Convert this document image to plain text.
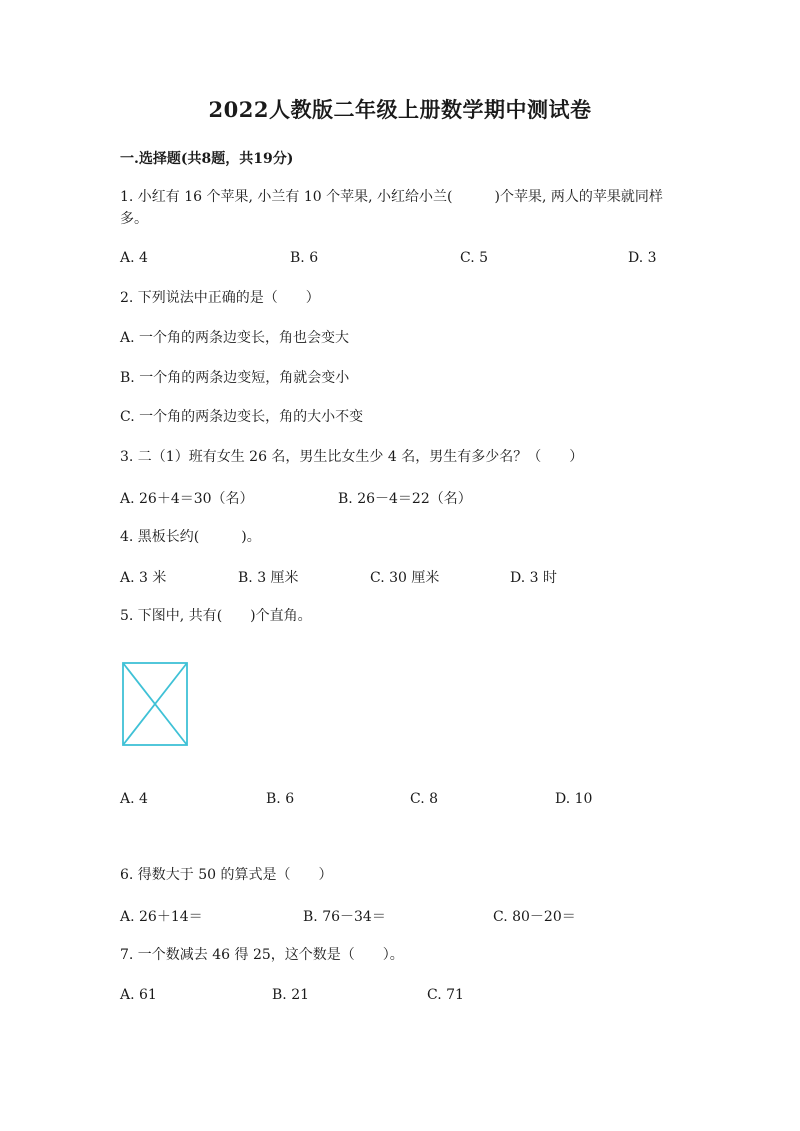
2022人教版二年级上册数学期中测试卷
一.选择题(共8题，共19分)
1. 小红有 16 个苹果, 小兰有 10 个苹果, 小红给小兰(　　　)个苹果, 两人的苹果就同样多。
A. 4	B. 6	C. 5	D. 3
2. 下列说法中正确的是（　　）
A. 一个角的两条边变长，角也会变大
B. 一个角的两条边变短，角就会变小
C. 一个角的两条边变长，角的大小不变
3. 二（1）班有女生 26 名，男生比女生少 4 名，男生有多少名？（　　）
A. 26＋4＝30（名）	B. 26－4＝22（名）
4. 黑板长约(　　　)。
A. 3 米	B. 3 厘米	C. 30 厘米	D. 3 时
5. 下图中, 共有(　　)个直角。
A. 4	B. 6	C. 8	D. 10
6. 得数大于 50 的算式是（　　）
A. 26＋14＝	B. 76－34＝	C. 80－20＝
7. 一个数减去 46 得 25，这个数是（　　）。
A. 61	B. 21	C. 71
